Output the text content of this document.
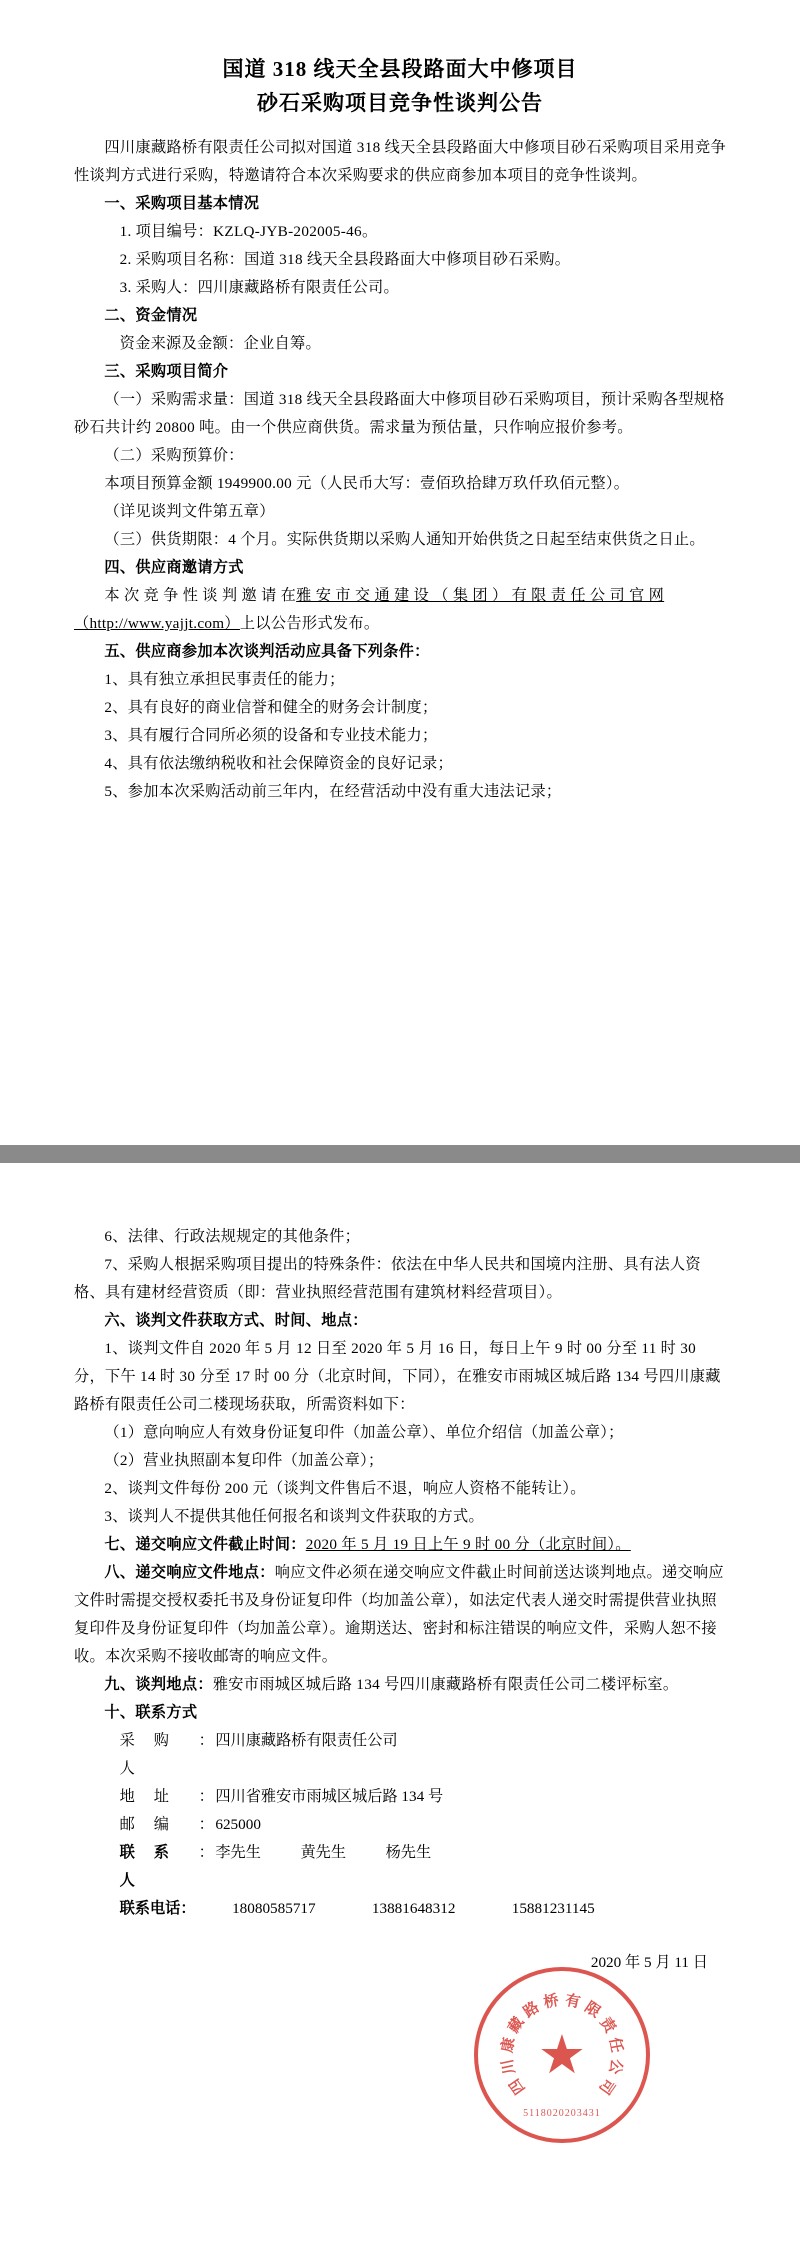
国道 318 线天全县段路面大中修项目
砂石采购项目竞争性谈判公告

四川康藏路桥有限责任公司拟对国道 318 线天全县段路面大中修项目砂石采购项目采用竞争性谈判方式进行采购，特邀请符合本次采购要求的供应商参加本项目的竞争性谈判。

一、采购项目基本情况

1. 项目编号：KZLQ-JYB-202005-46。

2. 采购项目名称：国道 318 线天全县段路面大中修项目砂石采购。

3. 采购人：四川康藏路桥有限责任公司。

二、资金情况

资金来源及金额：企业自筹。

三、采购项目简介

（一）采购需求量：国道 318 线天全县段路面大中修项目砂石采购项目，预计采购各型规格砂石共计约 20800 吨。由一个供应商供货。需求量为预估量，只作响应报价参考。

（二）采购预算价：

本项目预算金额 1949900.00 元（人民币大写：壹佰玖拾肆万玖仟玖佰元整）。

（详见谈判文件第五章）

（三）供货期限：4 个月。实际供货期以采购人通知开始供货之日起至结束供货之日止。

四、供应商邀请方式

本 次 竞 争 性 谈 判 邀 请 在雅 安 市 交 通 建 设 （ 集 团 ） 有 限 责 任 公 司 官 网

（http://www.yajjt.com）上以公告形式发布。

五、供应商参加本次谈判活动应具备下列条件：

1、具有独立承担民事责任的能力；

2、具有良好的商业信誉和健全的财务会计制度；

3、具有履行合同所必须的设备和专业技术能力；

4、具有依法缴纳税收和社会保障资金的良好记录；

5、参加本次采购活动前三年内，在经营活动中没有重大违法记录；

6、法律、行政法规规定的其他条件；

7、采购人根据采购项目提出的特殊条件：依法在中华人民共和国境内注册、具有法人资格、具有建材经营资质（即：营业执照经营范围有建筑材料经营项目）。

六、谈判文件获取方式、时间、地点：

1、谈判文件自 2020 年 5 月 12 日至 2020 年 5 月 16 日，每日上午 9 时 00 分至 11 时 30 分，下午 14 时 30 分至 17 时 00 分（北京时间，下同），在雅安市雨城区城后路 134 号四川康藏路桥有限责任公司二楼现场获取，所需资料如下：

（1）意向响应人有效身份证复印件（加盖公章）、单位介绍信（加盖公章）；

（2）营业执照副本复印件（加盖公章）；

2、谈判文件每份 200 元（谈判文件售后不退，响应人资格不能转让）。

3、谈判人不提供其他任何报名和谈判文件获取的方式。

七、递交响应文件截止时间：2020 年 5 月 19 日上午 9 时 00 分（北京时间）。

八、递交响应文件地点：响应文件必须在递交响应文件截止时间前送达谈判地点。递交响应文件时需提交授权委托书及身份证复印件（均加盖公章），如法定代表人递交时需提供营业执照复印件及身份证复印件（均加盖公章）。逾期送达、密封和标注错误的响应文件，采购人恕不接收。本次采购不接收邮寄的响应文件。

九、谈判地点：雅安市雨城区城后路 134 号四川康藏路桥有限责任公司二楼评标室。

十、联系方式

采 购 人
： 四川康藏路桥有限责任公司
地 址	： 四川省雅安市雨城区城后路 134 号
邮 编	： 625000
联 系 人
： 李先生	黄先生	杨先生
联系电话：	18080585717	13881648312	15881231145
2020 年 5 月 11 日
四
川
康
藏
路 桥 有 限
责
任
公
司
★
5118020203431
